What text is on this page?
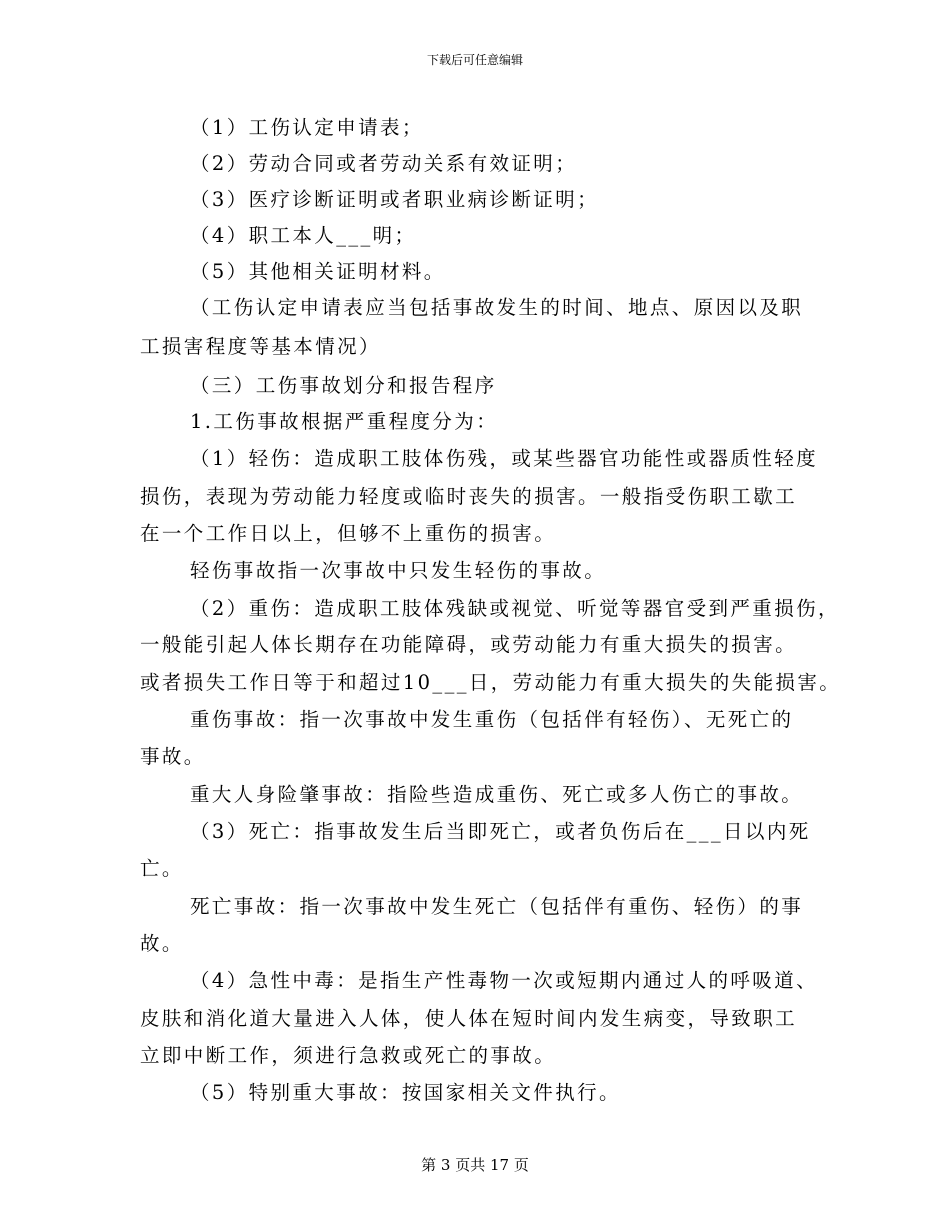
下载后可任意编辑
（1）工伤认定申请表；
（2）劳动合同或者劳动关系有效证明；
（3）医疗诊断证明或者职业病诊断证明；
（4）职工本人___明；
（5）其他相关证明材料。
（工伤认定申请表应当包括事故发生的时间、地点、原因以及职
工损害程度等基本情况）
（三）工伤事故划分和报告程序
1.工伤事故根据严重程度分为：
（1）轻伤：造成职工肢体伤残，或某些器官功能性或器质性轻度
损伤，表现为劳动能力轻度或临时丧失的损害。一般指受伤职工歇工
在一个工作日以上，但够不上重伤的损害。
轻伤事故指一次事故中只发生轻伤的事故。
（2）重伤：造成职工肢体残缺或视觉、听觉等器官受到严重损伤，
一般能引起人体长期存在功能障碍，或劳动能力有重大损失的损害。
或者损失工作日等于和超过10___日，劳动能力有重大损失的失能损害。
重伤事故：指一次事故中发生重伤（包括伴有轻伤）、无死亡的
事故。
重大人身险肇事故：指险些造成重伤、死亡或多人伤亡的事故。
（3）死亡：指事故发生后当即死亡，或者负伤后在___日以内死
亡。
死亡事故：指一次事故中发生死亡（包括伴有重伤、轻伤）的事
故。
（4）急性中毒：是指生产性毒物一次或短期内通过人的呼吸道、
皮肤和消化道大量进入人体，使人体在短时间内发生病变，导致职工
立即中断工作，须进行急救或死亡的事故。
（5）特别重大事故：按国家相关文件执行。
第 3 页共 17 页
